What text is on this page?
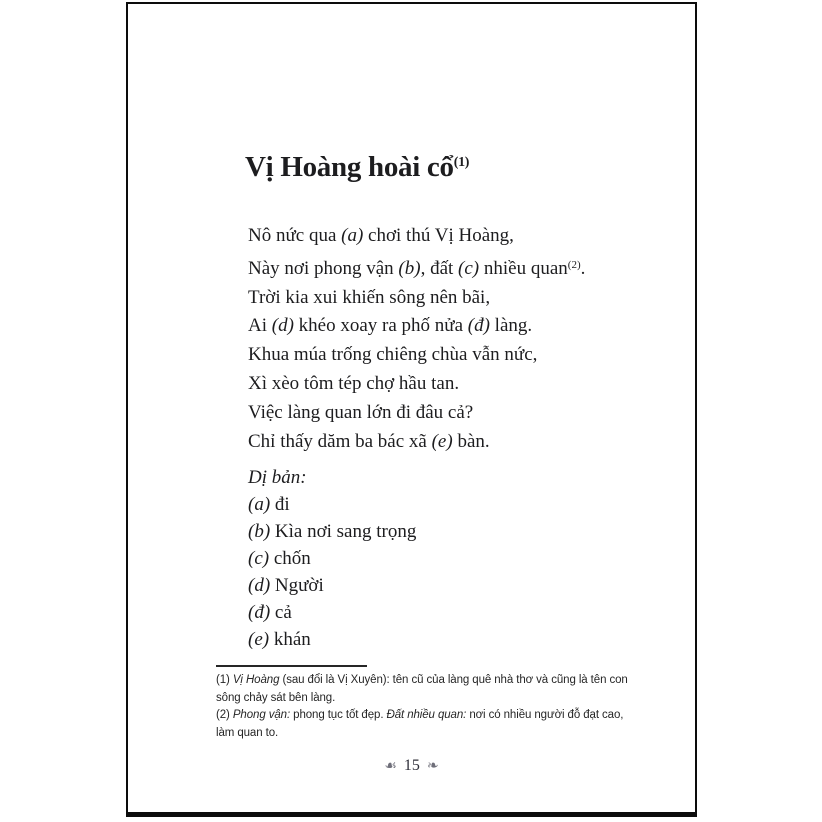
Vị Hoàng hoài cổ$^{(1)}$
Nô nức qua (a) chơi thú Vị Hoàng,
Này nơi phong vận (b), đất (c) nhiều quan$^{(2)}$.
Trời kia xui khiến sông nên bãi,
Ai (d) khéo xoay ra phố nửa (đ) làng.
Khua múa trống chiêng chùa vẫn nức,
Xì xèo tôm tép chợ hầu tan.
Việc làng quan lớn đi đâu cả?
Chỉ thấy dăm ba bác xã (e) bàn.
Dị bản:
(a) đi
(b) Kìa nơi sang trọng
(c) chốn
(d) Người
(đ) cả
(e) khán
(1) Vị Hoàng (sau đổi là Vị Xuyên): tên cũ của làng quê nhà thơ và cũng là tên con
sông chảy sát bên làng.
(2) Phong vận: phong tục tốt đẹp. Đất nhiều quan: nơi có nhiều người đỗ đạt cao,
làm quan to.
☙ 15 ❧
